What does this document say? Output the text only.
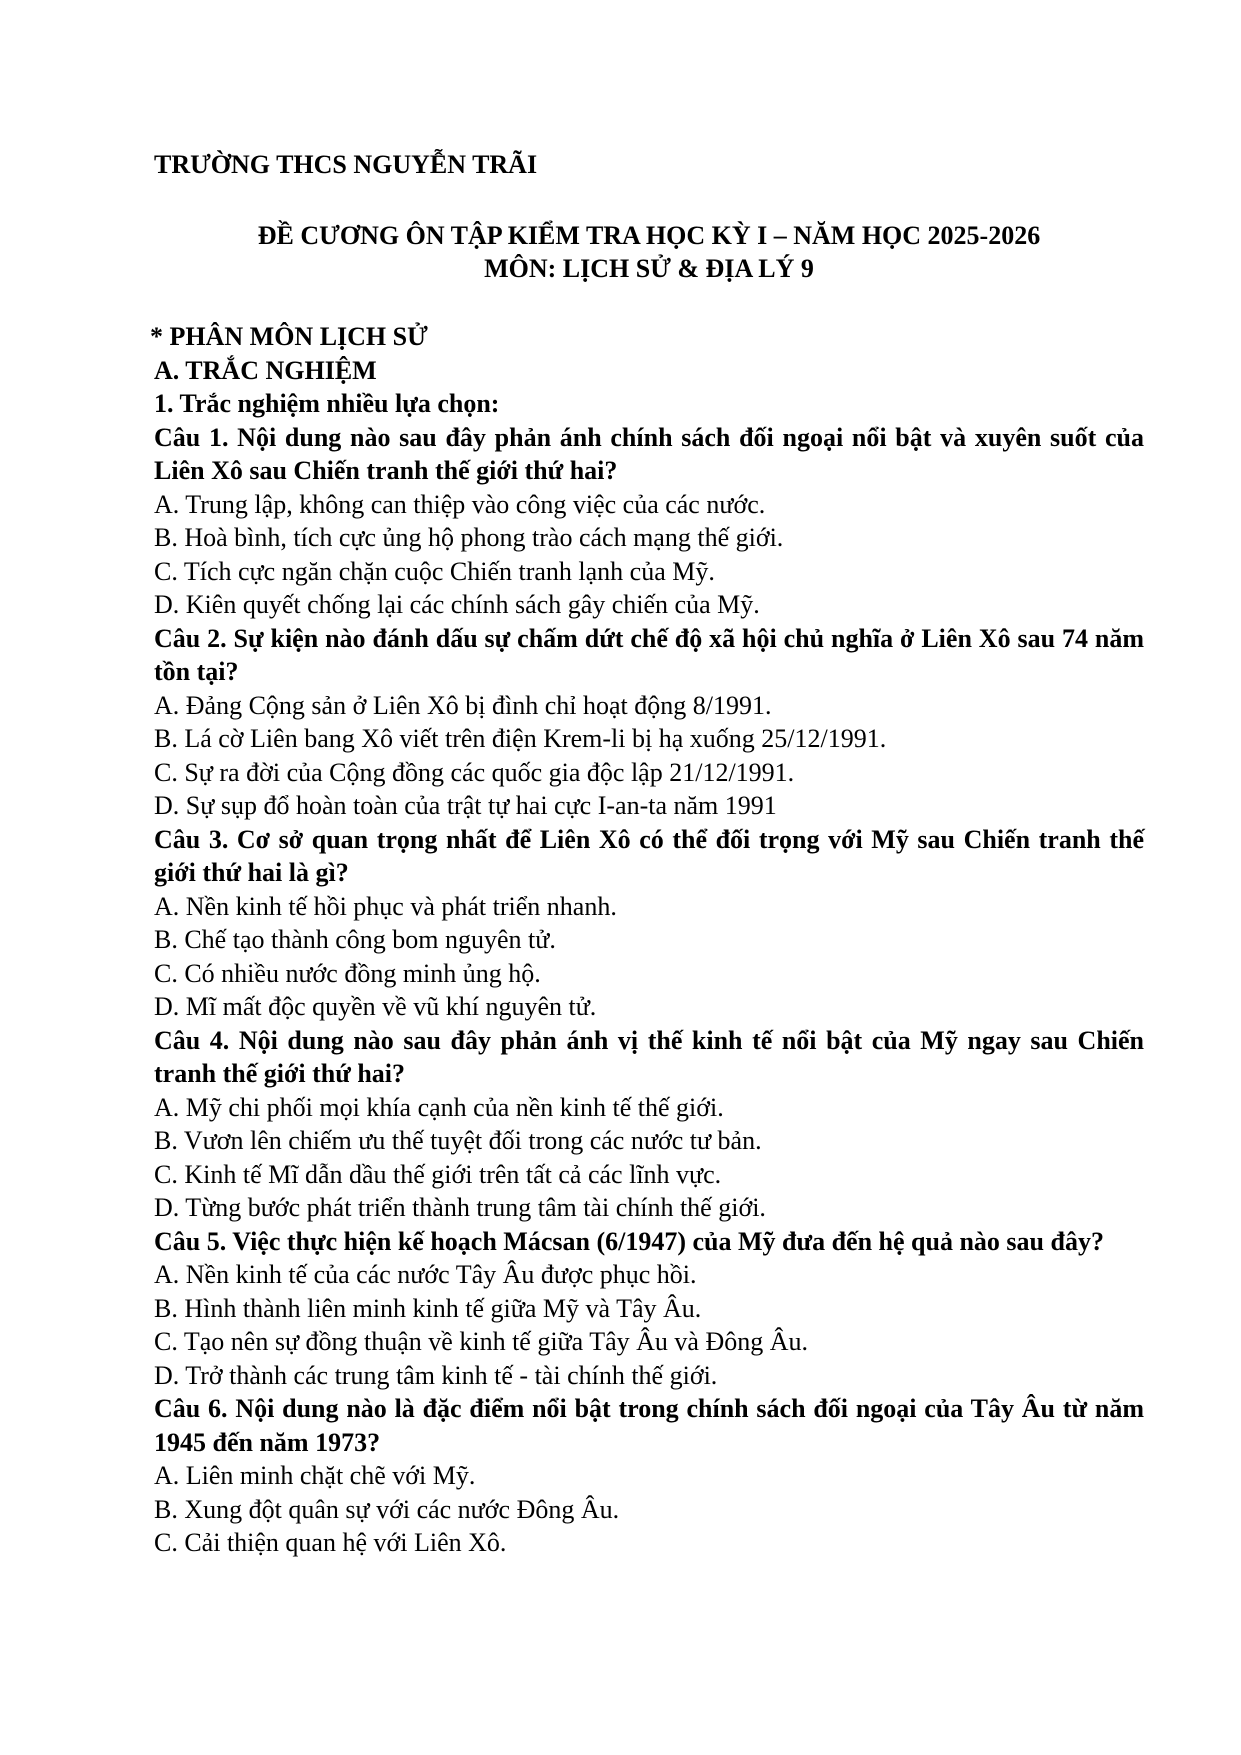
TRƯỜNG THCS NGUYỄN TRÃI

ĐỀ CƯƠNG ÔN TẬP KIỂM TRA HỌC KỲ I – NĂM HỌC 2025-2026

MÔN: LỊCH SỬ & ĐỊA LÝ 9

* PHÂN MÔN LỊCH SỬ

A. TRẮC NGHIỆM

1. Trắc nghiệm nhiều lựa chọn:

Câu 1. Nội dung nào sau đây phản ánh chính sách đối ngoại nổi bật và xuyên suốt của Liên Xô sau Chiến tranh thế giới thứ hai?

A. Trung lập, không can thiệp vào công việc của các nước.
B. Hoà bình, tích cực ủng hộ phong trào cách mạng thế giới.
C. Tích cực ngăn chặn cuộc Chiến tranh lạnh của Mỹ.
D. Kiên quyết chống lại các chính sách gây chiến của Mỹ.

Câu 2. Sự kiện nào đánh dấu sự chấm dứt chế độ xã hội chủ nghĩa ở Liên Xô sau 74 năm tồn tại?

A. Đảng Cộng sản ở Liên Xô bị đình chỉ hoạt động 8/1991.
B. Lá cờ Liên bang Xô viết trên điện Krem-li bị hạ xuống 25/12/1991.
C. Sự ra đời của Cộng đồng các quốc gia độc lập 21/12/1991.
D. Sự sụp đổ hoàn toàn của trật tự hai cực I-an-ta năm 1991

Câu 3. Cơ sở quan trọng nhất để Liên Xô có thể đối trọng với Mỹ sau Chiến tranh thế giới thứ hai là gì?

A. Nền kinh tế hồi phục và phát triển nhanh.
B. Chế tạo thành công bom nguyên tử.
C. Có nhiều nước đồng minh ủng hộ.
D. Mĩ mất độc quyền về vũ khí nguyên tử.

Câu 4. Nội dung nào sau đây phản ánh vị thế kinh tế nổi bật của Mỹ ngay sau Chiến tranh thế giới thứ hai?

A. Mỹ chi phối mọi khía cạnh của nền kinh tế thế giới.
B. Vươn lên chiếm ưu thế tuyệt đối trong các nước tư bản.
C. Kinh tế Mĩ dẫn dầu thế giới trên tất cả các lĩnh vực.
D. Từng bước phát triển thành trung tâm tài chính thế giới.

Câu 5. Việc thực hiện kế hoạch Mácsan (6/1947) của Mỹ đưa đến hệ quả nào sau đây?

A. Nền kinh tế của các nước Tây Âu được phục hồi.
B. Hình thành liên minh kinh tế giữa Mỹ và Tây Âu.
C. Tạo nên sự đồng thuận về kinh tế giữa Tây Âu và Đông Âu.
D. Trở thành các trung tâm kinh tế - tài chính thế giới.

Câu 6. Nội dung nào là đặc điểm nổi bật trong chính sách đối ngoại của Tây Âu từ năm 1945 đến năm 1973?

A. Liên minh chặt chẽ với Mỹ.
B. Xung đột quân sự với các nước Đông Âu.
C. Cải thiện quan hệ với Liên Xô.
